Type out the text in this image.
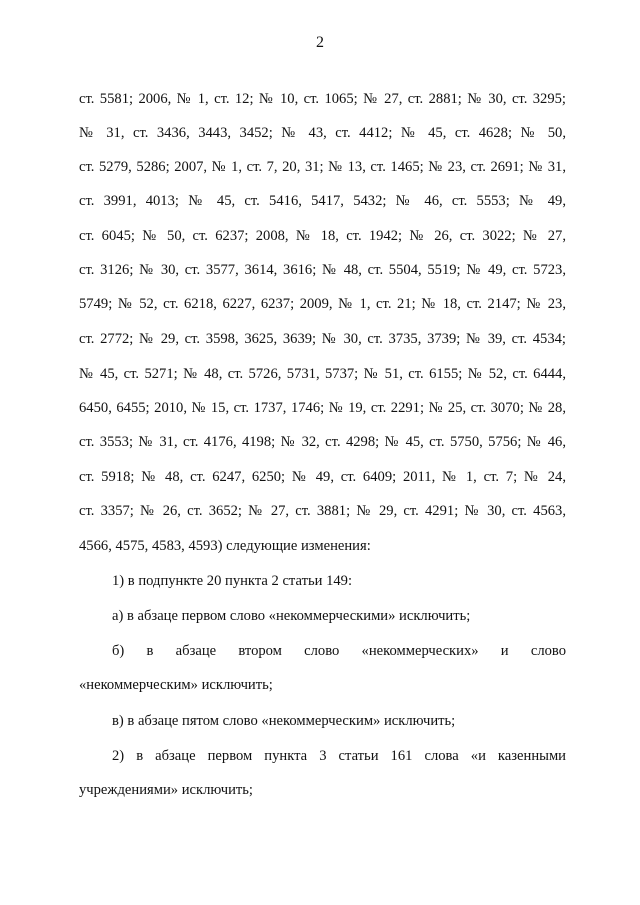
2
ст. 5581; 2006, № 1, ст. 12; № 10, ст. 1065; № 27, ст. 2881; № 30, ст. 3295;
№ 31, ст. 3436, 3443, 3452; № 43, ст. 4412; № 45, ст. 4628; № 50,
ст. 5279, 5286; 2007, № 1, ст. 7, 20, 31; № 13, ст. 1465; № 23, ст. 2691; № 31,
ст. 3991, 4013; № 45, ст. 5416, 5417, 5432; № 46, ст. 5553; № 49,
ст. 6045; № 50, ст. 6237; 2008, № 18, ст. 1942; № 26, ст. 3022; № 27,
ст. 3126; № 30, ст. 3577, 3614, 3616; № 48, ст. 5504, 5519; № 49, ст. 5723,
5749; № 52, ст. 6218, 6227, 6237; 2009, № 1, ст. 21; № 18, ст. 2147; № 23,
ст. 2772; № 29, ст. 3598, 3625, 3639; № 30, ст. 3735, 3739; № 39, ст. 4534;
№ 45, ст. 5271; № 48, ст. 5726, 5731, 5737; № 51, ст. 6155; № 52, ст. 6444,
6450, 6455; 2010, № 15, ст. 1737, 1746; № 19, ст. 2291; № 25, ст. 3070; № 28,
ст. 3553; № 31, ст. 4176, 4198; № 32, ст. 4298; № 45, ст. 5750, 5756; № 46,
ст. 5918; № 48, ст. 6247, 6250; № 49, ст. 6409; 2011, № 1, ст. 7; № 24,
ст. 3357; № 26, ст. 3652; № 27, ст. 3881; № 29, ст. 4291; № 30, ст. 4563,
4566, 4575, 4583, 4593) следующие изменения:
1) в подпункте 20 пункта 2 статьи 149:
а) в абзаце первом слово «некоммерческими» исключить;
б) в абзаце втором слово «некоммерческих» и слово
«некоммерческим» исключить;
в) в абзаце пятом слово «некоммерческим» исключить;
2) в абзаце первом пункта 3 статьи 161 слова «и казенными
учреждениями» исключить;
